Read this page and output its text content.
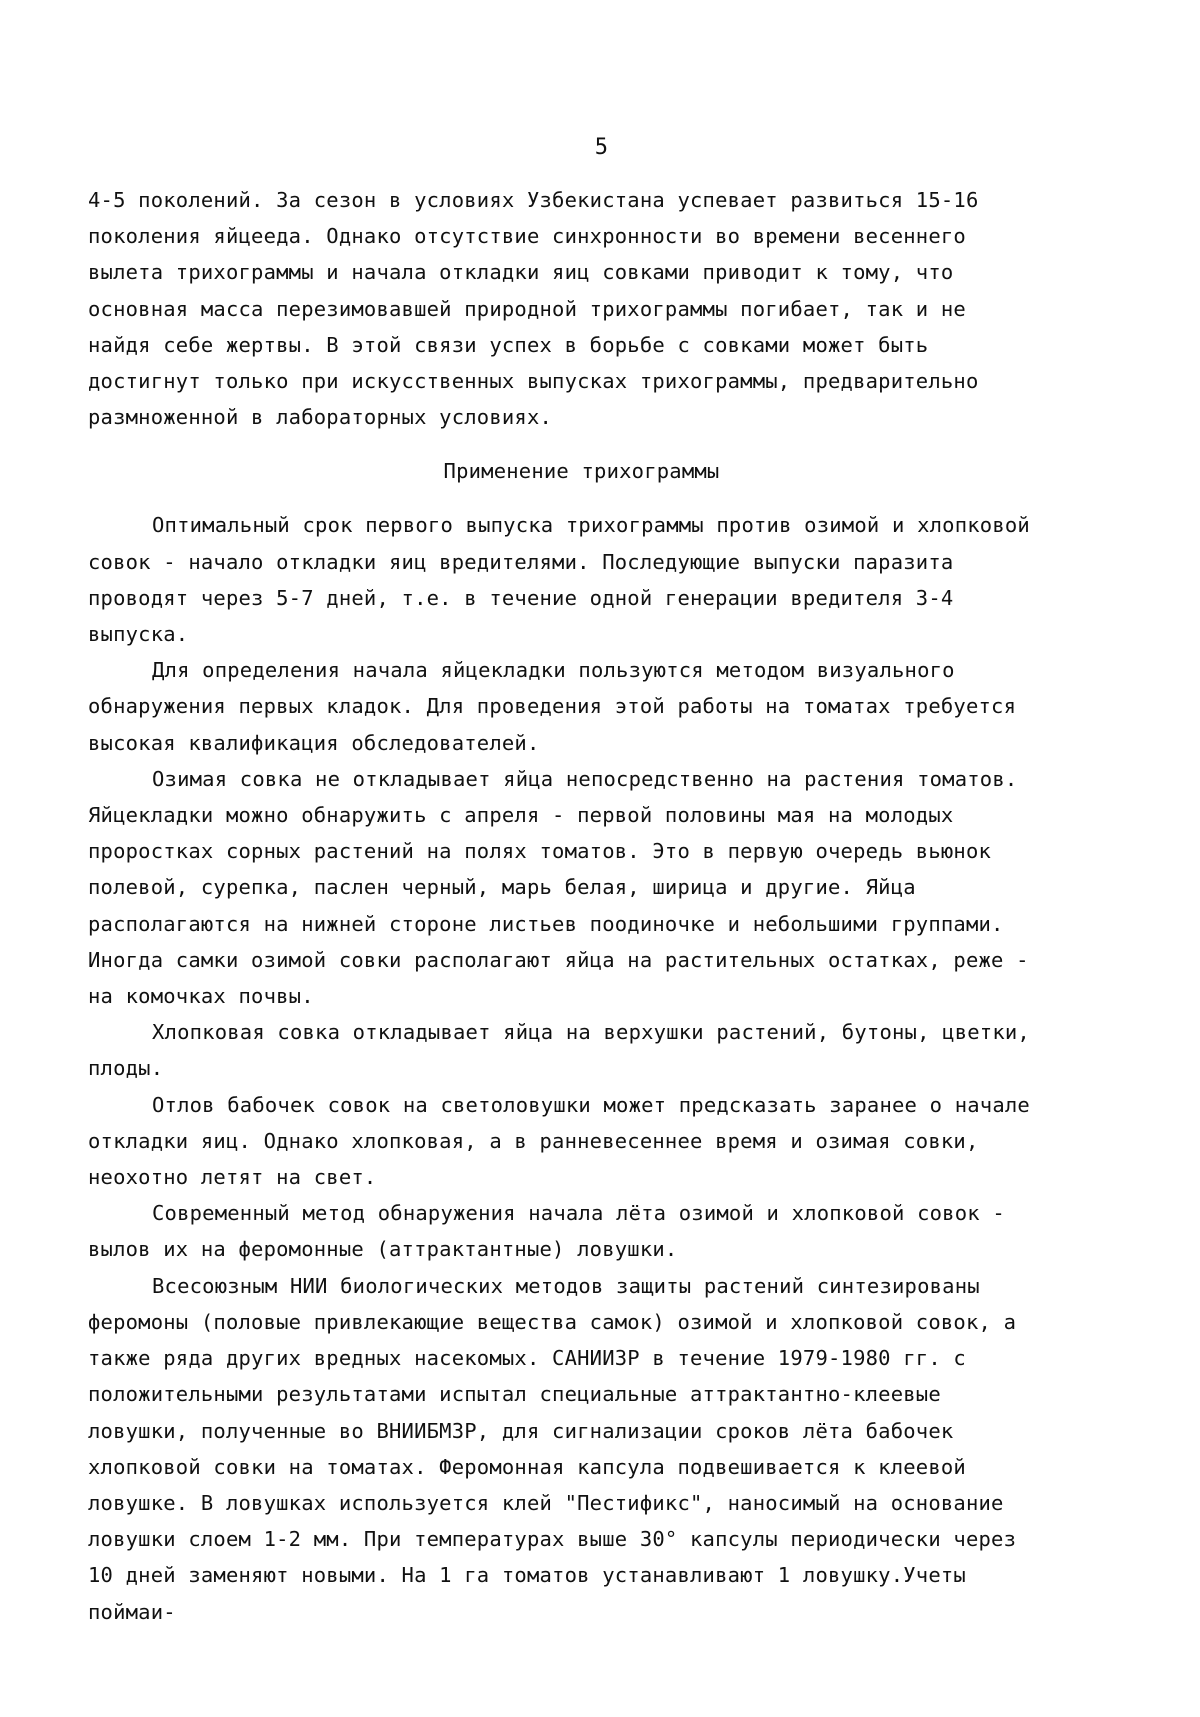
5

4-5 поколений. За сезон в условиях Узбекистана успевает развиться 15-16 поколения яйцееда. Однако отсутствие синхронности во времени весеннего вылета трихограммы и начала откладки яиц совками приводит к тому, что основная масса перезимовавшей природной трихограммы погибает, так и не найдя себе жертвы. В этой связи успех в борьбе с совками может быть достигнут только при искусственных выпусках трихограммы, предварительно размноженной в лабораторных условиях.

Применение трихограммы

Оптимальный срок первого выпуска трихограммы против озимой и хлопковой совок - начало откладки яиц вредителями. Последующие выпуски паразита проводят через 5-7 дней, т.е. в течение одной генерации вредителя 3-4 выпуска.

Для определения начала яйцекладки пользуются методом визуального обнаружения первых кладок. Для проведения этой работы на томатах требуется высокая квалификация обследователей.

Озимая совка не откладывает яйца непосредственно на растения томатов. Яйцекладки можно обнаружить с апреля - первой половины мая на молодых проростках сорных растений на полях томатов. Это в первую очередь вьюнок полевой, сурепка, паслен черный, марь белая, ширица и другие. Яйца располагаются на нижней стороне листьев поодиночке и небольшими группами. Иногда самки озимой совки располагают яйца на растительных остатках, реже - на комочках почвы.

Хлопковая совка откладывает яйца на верхушки растений, бутоны, цветки, плоды.

Отлов бабочек совок на светоловушки может предсказать заранее о начале откладки яиц. Однако хлопковая, а в ранневесеннее время и озимая совки, неохотно летят на свет.

Современный метод обнаружения начала лёта озимой и хлопковой совок - вылов их на феромонные (аттрактантные) ловушки.

Всесоюзным НИИ биологических методов защиты растений синтезированы феромоны (половые привлекающие вещества самок) озимой и хлопковой совок, а также ряда других вредных насекомых. САНИИЗР в течение 1979-1980 гг. с положительными результатами испытал специальные аттрактантно-клеевые ловушки, полученные во ВНИИБМЗР, для сигнализации сроков лёта бабочек хлопковой совки на томатах. Феромонная капсула подвешивается к клеевой ловушке. В ловушках используется клей "Пестификс", наносимый на основание ловушки слоем 1-2 мм. При температурах выше 30° капсулы периодически через 10 дней заменяют новыми. На 1 га томатов устанавливают 1 ловушку.Учеты поймаи-
